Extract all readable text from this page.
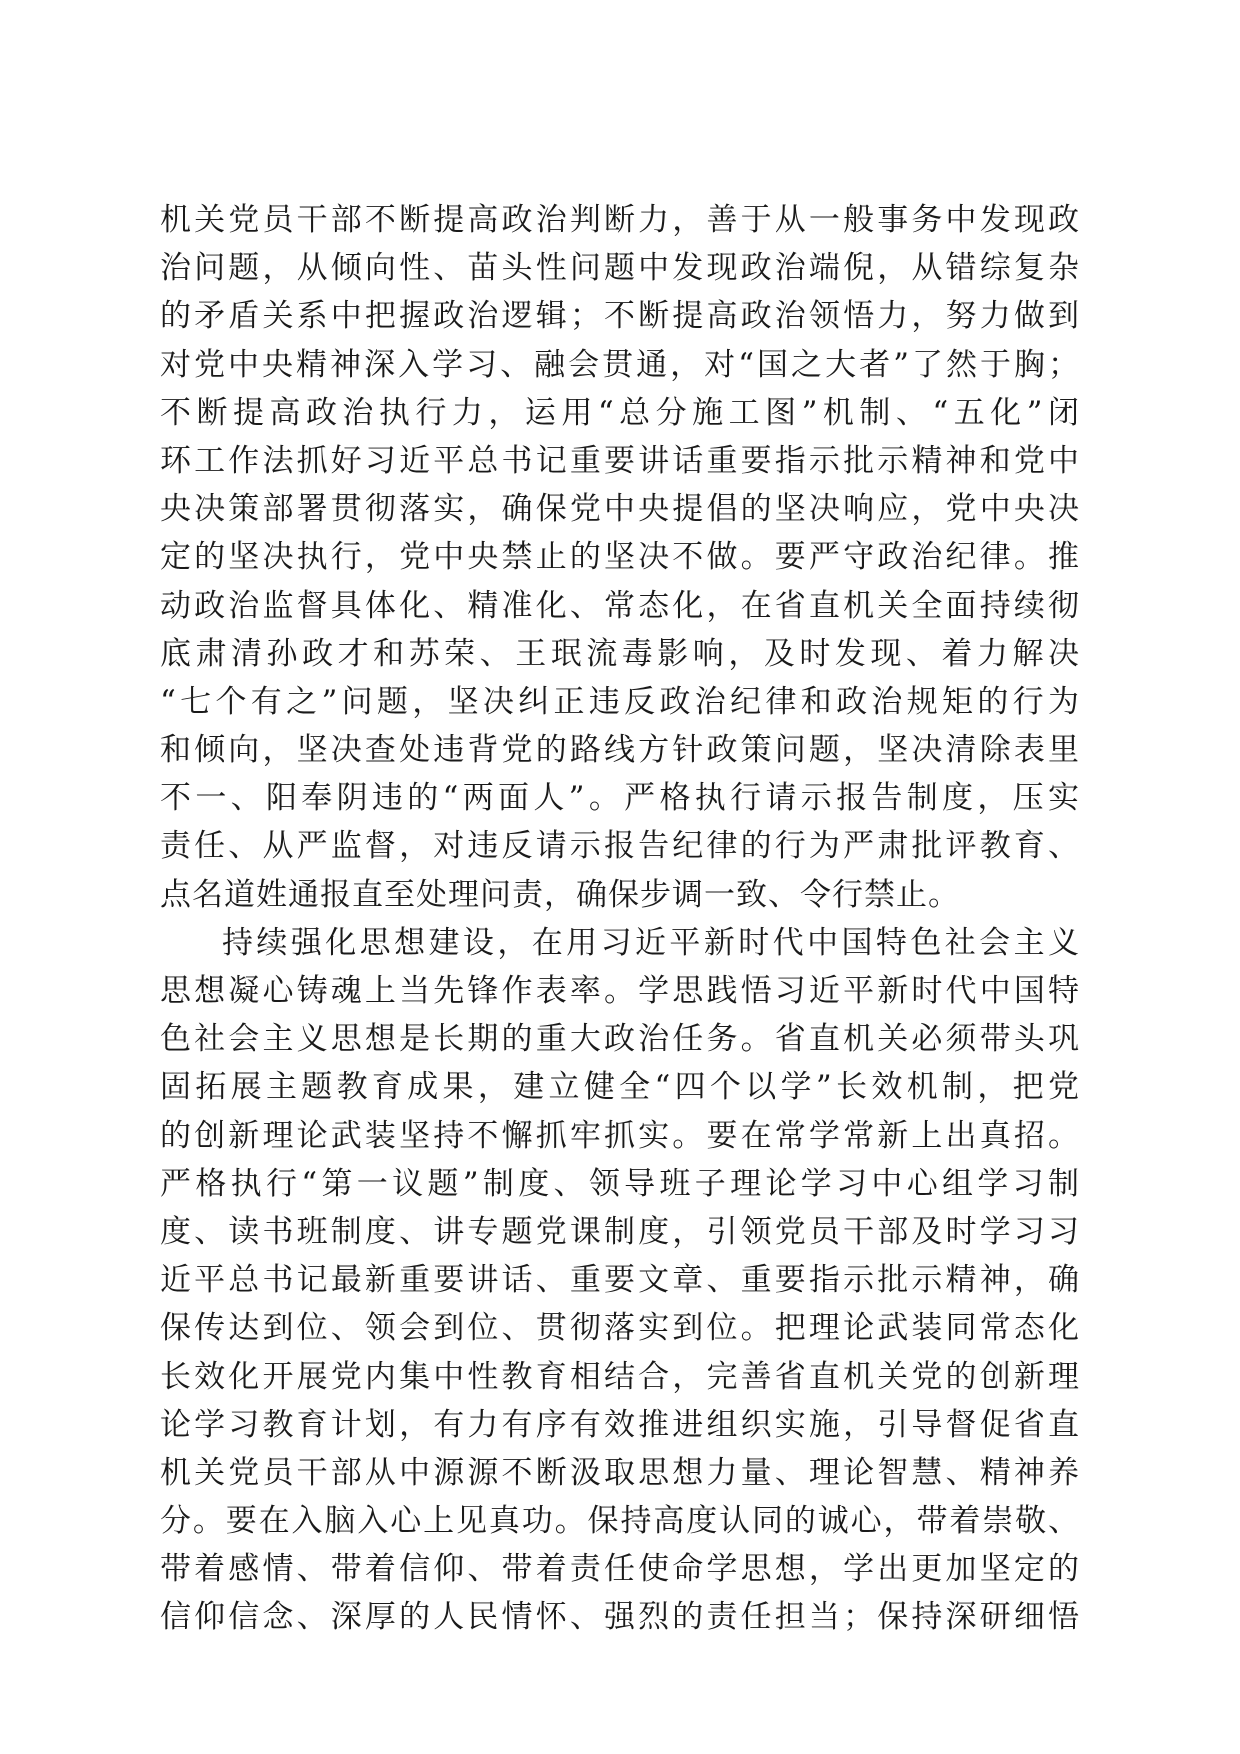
机关党员干部不断提高政治判断力，善于从一般事务中发现政
治问题，从倾向性、苗头性问题中发现政治端倪，从错综复杂
的矛盾关系中把握政治逻辑；不断提高政治领悟力，努力做到
对党中央精神深入学习、融会贯通，对“国之大者”了然于胸；
不断提高政治执行力，运用“总分施工图”机制、“五化”闭
环工作法抓好习近平总书记重要讲话重要指示批示精神和党中
央决策部署贯彻落实，确保党中央提倡的坚决响应，党中央决
定的坚决执行，党中央禁止的坚决不做。要严守政治纪律。推
动政治监督具体化、精准化、常态化，在省直机关全面持续彻
底肃清孙政才和苏荣、王珉流毒影响，及时发现、着力解决
“七个有之”问题，坚决纠正违反政治纪律和政治规矩的行为
和倾向，坚决查处违背党的路线方针政策问题，坚决清除表里
不一、阳奉阴违的“两面人”。严格执行请示报告制度，压实
责任、从严监督，对违反请示报告纪律的行为严肃批评教育、
点名道姓通报直至处理问责，确保步调一致、令行禁止。
持续强化思想建设，在用习近平新时代中国特色社会主义
思想凝心铸魂上当先锋作表率。学思践悟习近平新时代中国特
色社会主义思想是长期的重大政治任务。省直机关必须带头巩
固拓展主题教育成果，建立健全“四个以学”长效机制，把党
的创新理论武装坚持不懈抓牢抓实。要在常学常新上出真招。
严格执行“第一议题”制度、领导班子理论学习中心组学习制
度、读书班制度、讲专题党课制度，引领党员干部及时学习习
近平总书记最新重要讲话、重要文章、重要指示批示精神，确
保传达到位、领会到位、贯彻落实到位。把理论武装同常态化
长效化开展党内集中性教育相结合，完善省直机关党的创新理
论学习教育计划，有力有序有效推进组织实施，引导督促省直
机关党员干部从中源源不断汲取思想力量、理论智慧、精神养
分。要在入脑入心上见真功。保持高度认同的诚心，带着崇敬、
带着感情、带着信仰、带着责任使命学思想，学出更加坚定的
信仰信念、深厚的人民情怀、强烈的责任担当；保持深研细悟
